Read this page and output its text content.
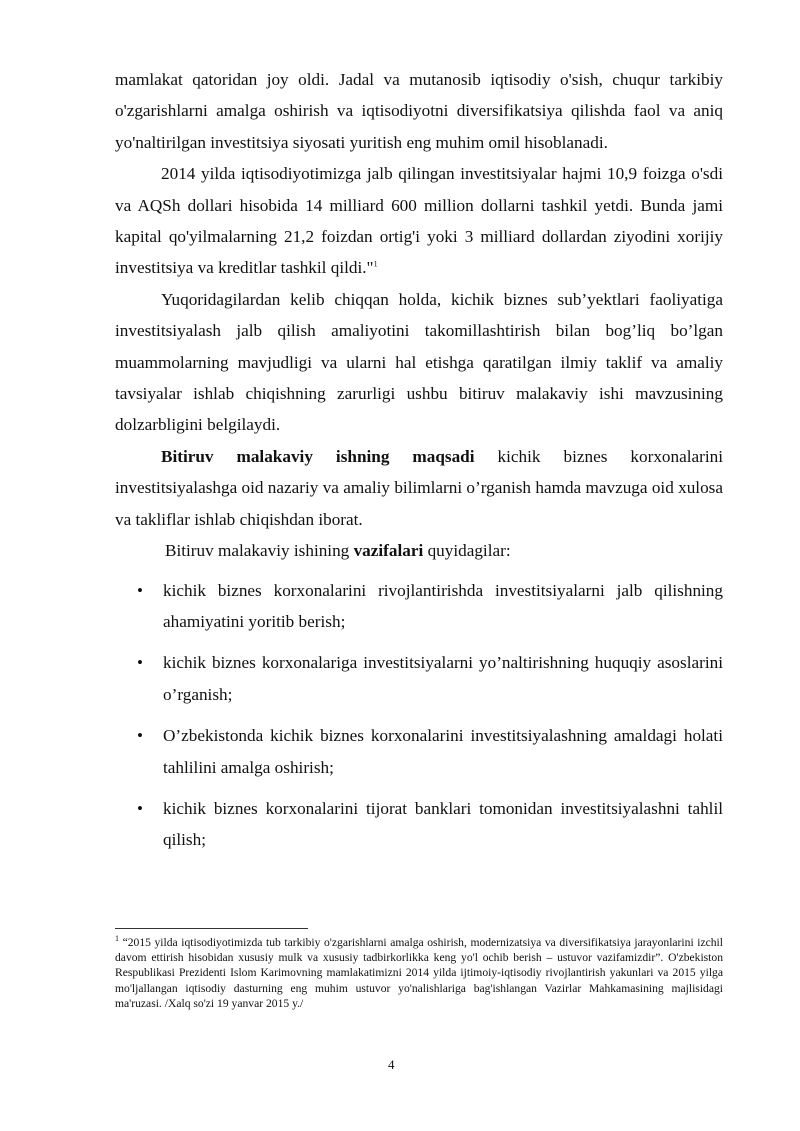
mamlakat qatoridan joy oldi. Jadal va mutanosib iqtisodiy o'sish, chuqur tarkibiy o'zgarishlarni amalga oshirish va iqtisodiyotni diversifikatsiya qilishda faol va aniq yo'naltirilgan investitsiya siyosati yuritish eng muhim omil hisoblanadi.

2014 yilda iqtisodiyotimizga jalb qilingan investitsiyalar hajmi 10,9 foizga o'sdi va AQSh dollari hisobida 14 milliard 600 million dollarni tashkil yetdi. Bunda jami kapital qo'yilmalarning 21,2 foizdan ortig'i yoki 3 milliard dollardan ziyodini xorijiy investitsiya va kreditlar tashkil qildi."$^1$

Yuqoridagilardan kelib chiqqan holda, kichik biznes sub’yektlari faoliyatiga investitsiyalash jalb qilish amaliyotini takomillashtirish bilan bog’liq bo’lgan muammolarning mavjudligi va ularni hal etishga qaratilgan ilmiy taklif va amaliy tavsiyalar ishlab chiqishning zarurligi ushbu bitiruv malakaviy ishi mavzusining dolzarbligini belgilaydi.

Bitiruv malakaviy ishning maqsadi kichik biznes korxonalarini investitsiyalashga oid nazariy va amaliy bilimlarni o’rganish hamda mavzuga oid xulosa va takliflar ishlab chiqishdan iborat.

Bitiruv malakaviy ishining vazifalari quyidagilar:

• kichik biznes korxonalarini rivojlantirishda investitsiyalarni jalb qilishning ahamiyatini yoritib berish;
• kichik biznes korxonalariga investitsiyalarni yo’naltirishning huquqiy asoslarini o’rganish;
• O’zbekistonda kichik biznes korxonalarini investitsiyalashning amaldagi holati tahlilini amalga oshirish;
• kichik biznes korxonalarini tijorat banklari tomonidan investitsiyalashni tahlil qilish;
$^1$ “2015 yilda iqtisodiyotimizda tub tarkibiy o'zgarishlarni amalga oshirish, modernizatsiya va diversifikatsiya jarayonlarini izchil davom ettirish hisobidan xususiy mulk va xususiy tadbirkorlikka keng yo'l ochib berish – ustuvor vazifamizdir”. O'zbekiston Respublikasi Prezidenti Islom Karimovning mamlakatimizni 2014 yilda ijtimoiy-iqtisodiy rivojlantirish yakunlari va 2015 yilga mo'ljallangan iqtisodiy dasturning eng muhim ustuvor yo'nalishlariga bag'ishlangan Vazirlar Mahkamasining majlisidagi ma'ruzasi. /Xalq so'zi 19 yanvar 2015 y./
4
